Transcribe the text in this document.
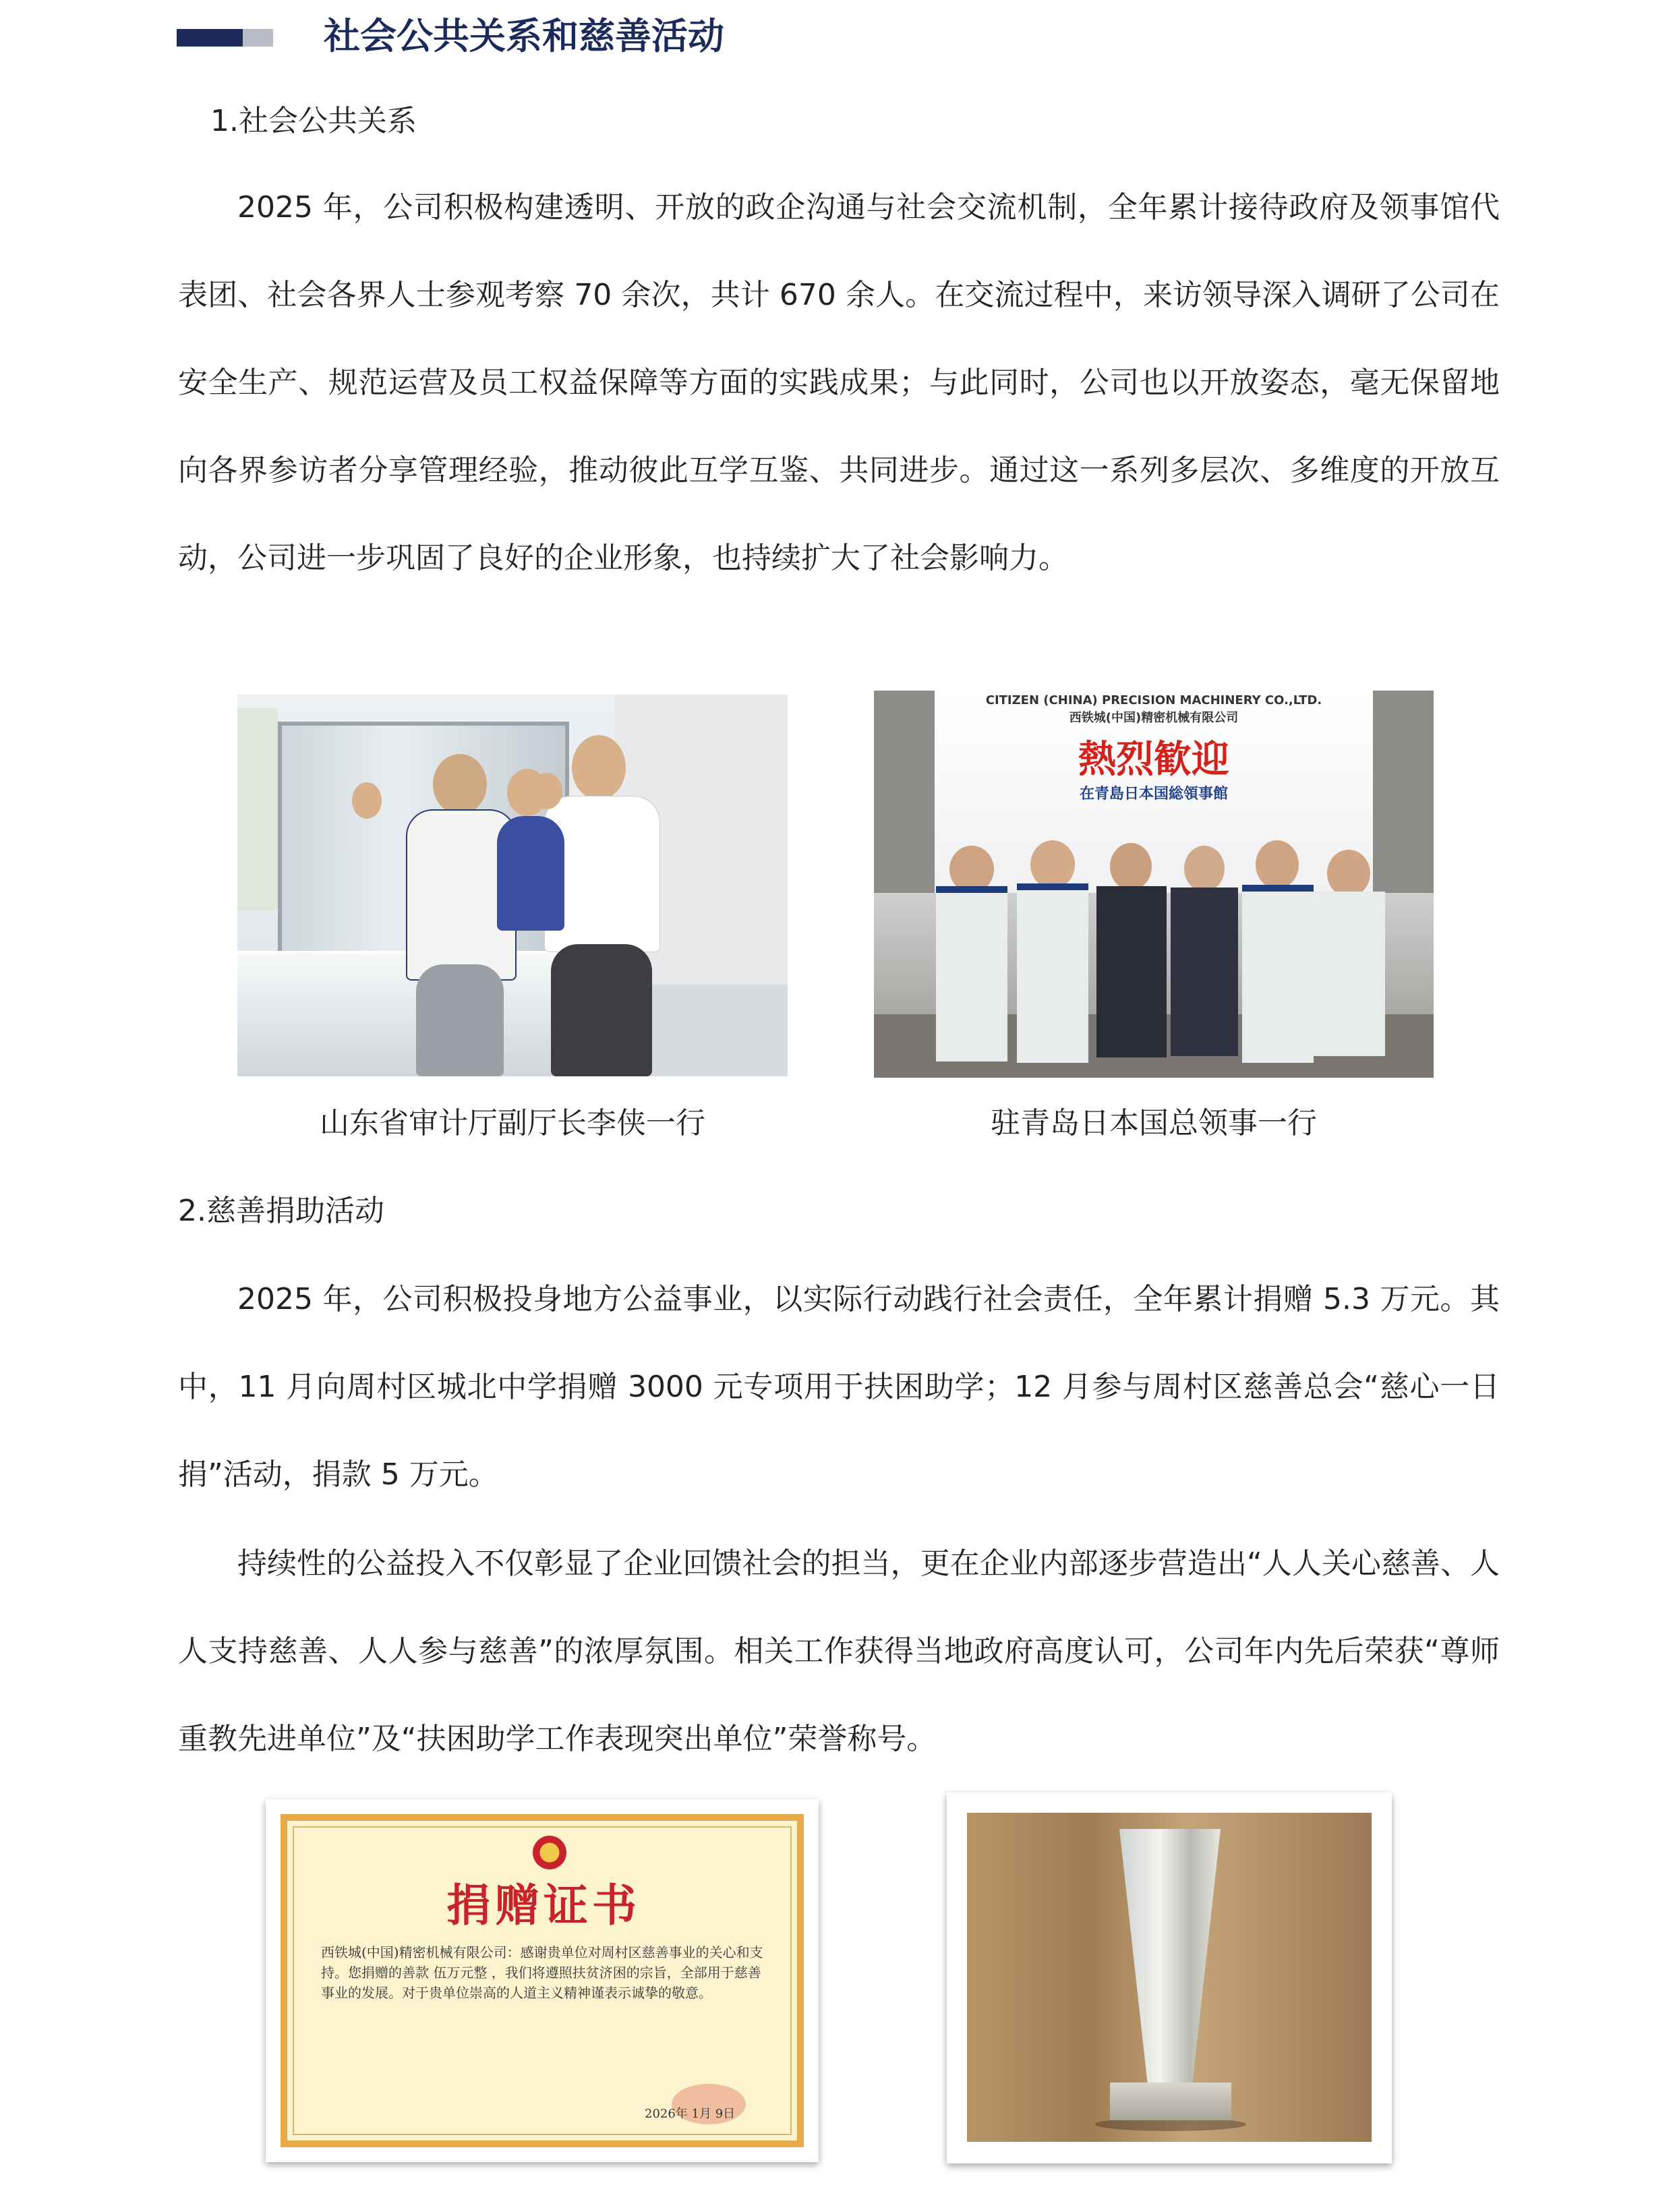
社会公共关系和慈善活动
1.社会公共关系
2025 年，公司积极构建透明、开放的政企沟通与社会交流机制，全年累计接待政府及领事馆代表团、社会各界人士参观考察 70 余次，共计 670 余人。在交流过程中，来访领导深入调研了公司在安全生产、规范运营及员工权益保障等方面的实践成果；与此同时，公司也以开放姿态，毫无保留地向各界参访者分享管理经验，推动彼此互学互鉴、共同进步。通过这一系列多层次、多维度的开放互动，公司进一步巩固了良好的企业形象，也持续扩大了社会影响力。
CITIZEN (CHINA) PRECISION MACHINERY CO.,LTD.
西铁城(中国)精密机械有限公司
熱烈歓迎
在青島日本国総領事館
山东省审计厅副厅长李侠一行	驻青岛日本国总领事一行
2.慈善捐助活动
2025 年，公司积极投身地方公益事业，以实际行动践行社会责任，全年累计捐赠 5.3 万元。其中，11 月向周村区城北中学捐赠 3000 元专项用于扶困助学；12 月参与周村区慈善总会“慈心一日捐”活动，捐款 5 万元。
持续性的公益投入不仅彰显了企业回馈社会的担当，更在企业内部逐步营造出“人人关心慈善、人人支持慈善、人人参与慈善”的浓厚氛围。相关工作获得当地政府高度认可，公司年内先后荣获“尊师重教先进单位”及“扶困助学工作表现突出单位”荣誉称号。
捐赠证书
西铁城(中国)精密机械有限公司：感谢贵单位对周村区慈善事业的关心和支持。您捐赠的善款 伍万元整 ，我们将遵照扶贫济困的宗旨，全部用于慈善事业的发展。对于贵单位崇高的人道主义精神谨表示诚挚的敬意。
2026年 1月 9日
